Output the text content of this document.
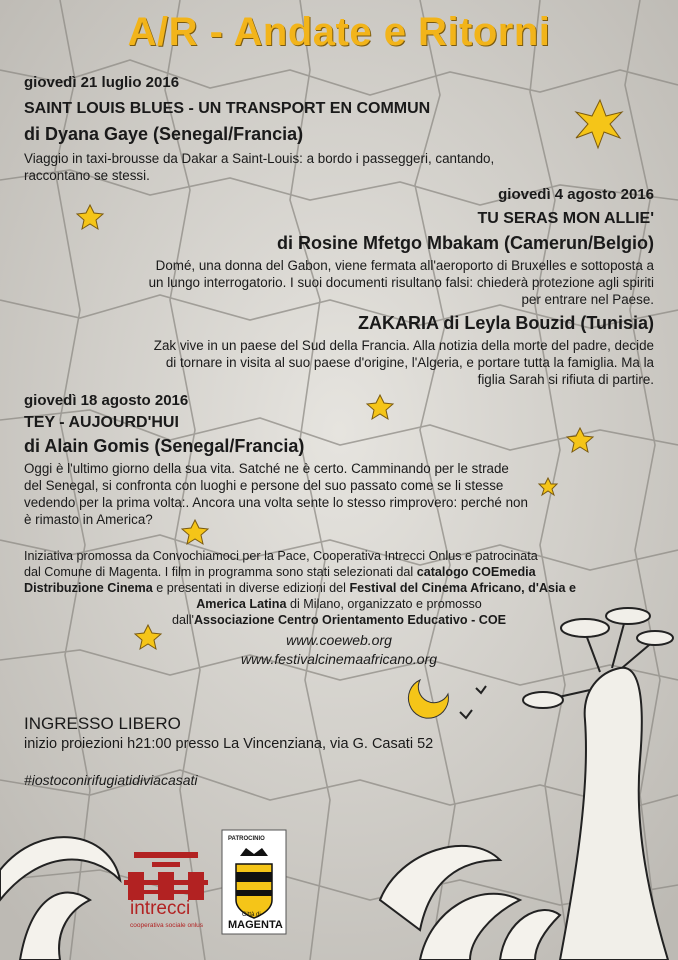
A/R - Andate e Ritorni

giovedì 21 luglio 2016

SAINT LOUIS BLUES - UN TRANSPORT EN COMMUN

di Dyana Gaye (Senegal/Francia)

Viaggio in taxi-brousse da Dakar a Saint-Louis: a bordo i passeggeri, cantando,

raccontano se stessi.

giovedì 4 agosto 2016

TU SERAS MON ALLIE'

di Rosine Mfetgo Mbakam (Camerun/Belgio)

Domé, una donna del Gabon, viene fermata all'aeroporto di Bruxelles e sottoposta a

un lungo interrogatorio. I suoi documenti risultano falsi: chiederà protezione agli spiriti

per entrare nel Paese.

ZAKARIA di Leyla Bouzid (Tunisia)

Zak vive in un paese del Sud della Francia. Alla notizia della morte del padre, decide

di tornare in visita al suo paese d'origine, l'Algeria, e portare tutta la famiglia. Ma la

figlia Sarah si rifiuta di partire.

giovedì 18 agosto 2016

TEY - AUJOURD'HUI

di Alain Gomis (Senegal/Francia)

Oggi è l'ultimo giorno della sua vita. Satché ne è certo. Camminando per le strade

del Senegal, si confronta con luoghi e persone del suo passato come se li stesse

vedendo per la prima volta:. Ancora una volta sente lo stesso rimprovero: perché non

è rimasto in America?

Iniziativa promossa da Convochiamoci per la Pace, Cooperativa Intrecci Onlus e patrocinata

dal Comune di Magenta. I film in programma sono stati selezionati dal catalogo COEmedia

Distribuzione Cinema e presentati in diverse edizioni del Festival del Cinema Africano, d'Asia e

America Latina di Milano, organizzato e promosso

dall'Associazione Centro Orientamento Educativo - COE

www.coeweb.org

www.festivalcinemaafricano.org

INGRESSO LIBERO

inizio proiezioni h21:00 presso La Vincenziana, via G. Casati 52

#iostoconirifugiatidiviacasati

intrecci

cooperativa sociale onlus

PATROCINIO

Città di

MAGENTA
